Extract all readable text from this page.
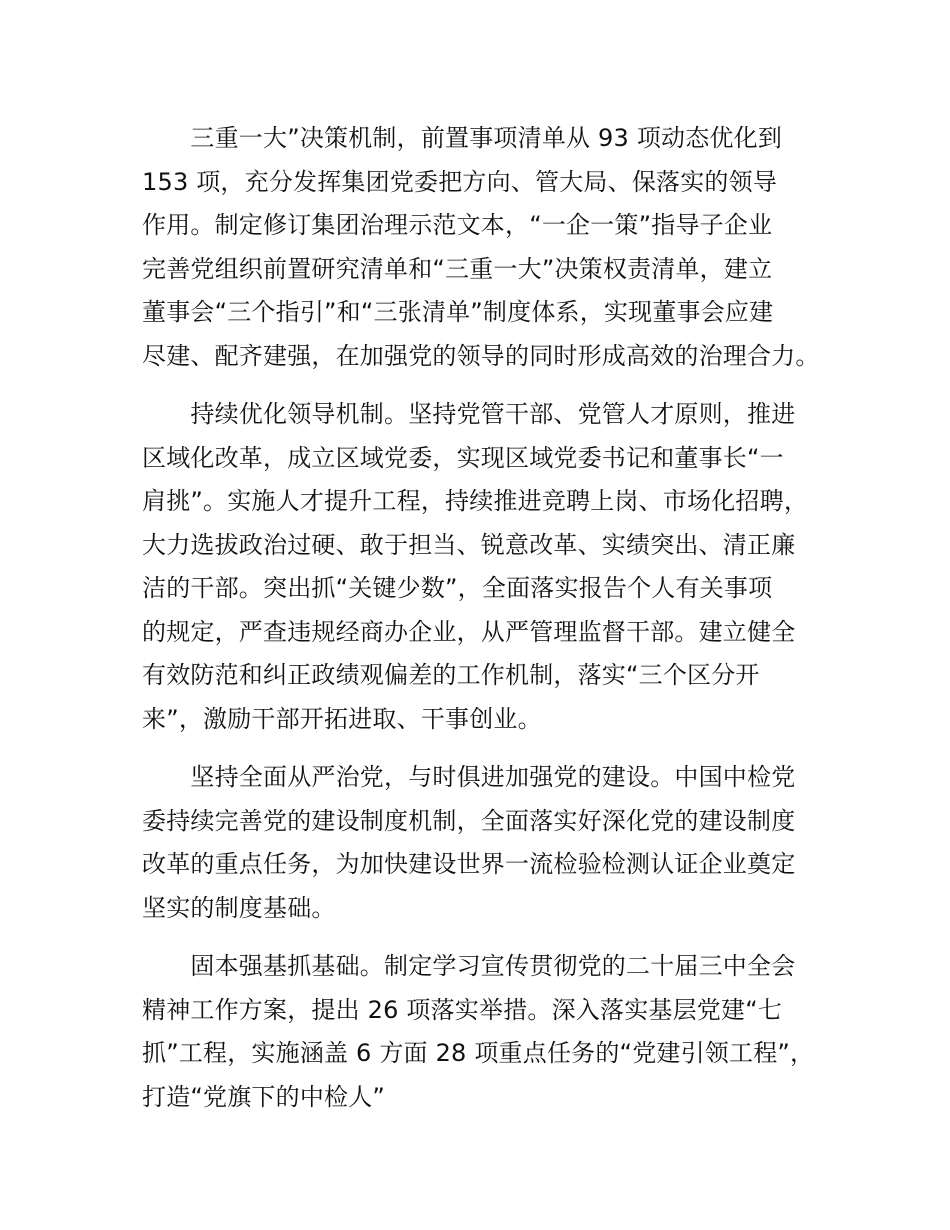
　　三重一大”决策机制，前置事项清单从 93 项动态优化到
153 项，充分发挥集团党委把方向、管大局、保落实的领导
作用。制定修订集团治理示范文本，“一企一策”指导子企业
完善党组织前置研究清单和“三重一大”决策权责清单，建立
董事会“三个指引”和“三张清单”制度体系，实现董事会应建
尽建、配齐建强，在加强党的领导的同时形成高效的治理合力。
　　持续优化领导机制。坚持党管干部、党管人才原则，推进
区域化改革，成立区域党委，实现区域党委书记和董事长“一
肩挑”。实施人才提升工程，持续推进竞聘上岗、市场化招聘，
大力选拔政治过硬、敢于担当、锐意改革、实绩突出、清正廉
洁的干部。突出抓“关键少数”，全面落实报告个人有关事项
的规定，严查违规经商办企业，从严管理监督干部。建立健全
有效防范和纠正政绩观偏差的工作机制，落实“三个区分开
来”，激励干部开拓进取、干事创业。
　　坚持全面从严治党，与时俱进加强党的建设。中国中检党
委持续完善党的建设制度机制，全面落实好深化党的建设制度
改革的重点任务，为加快建设世界一流检验检测认证企业奠定
坚实的制度基础。
　　固本强基抓基础。制定学习宣传贯彻党的二十届三中全会
精神工作方案，提出 26 项落实举措。深入落实基层党建“七
抓”工程，实施涵盖 6 方面 28 项重点任务的“党建引领工程”，
打造“党旗下的中检人”
